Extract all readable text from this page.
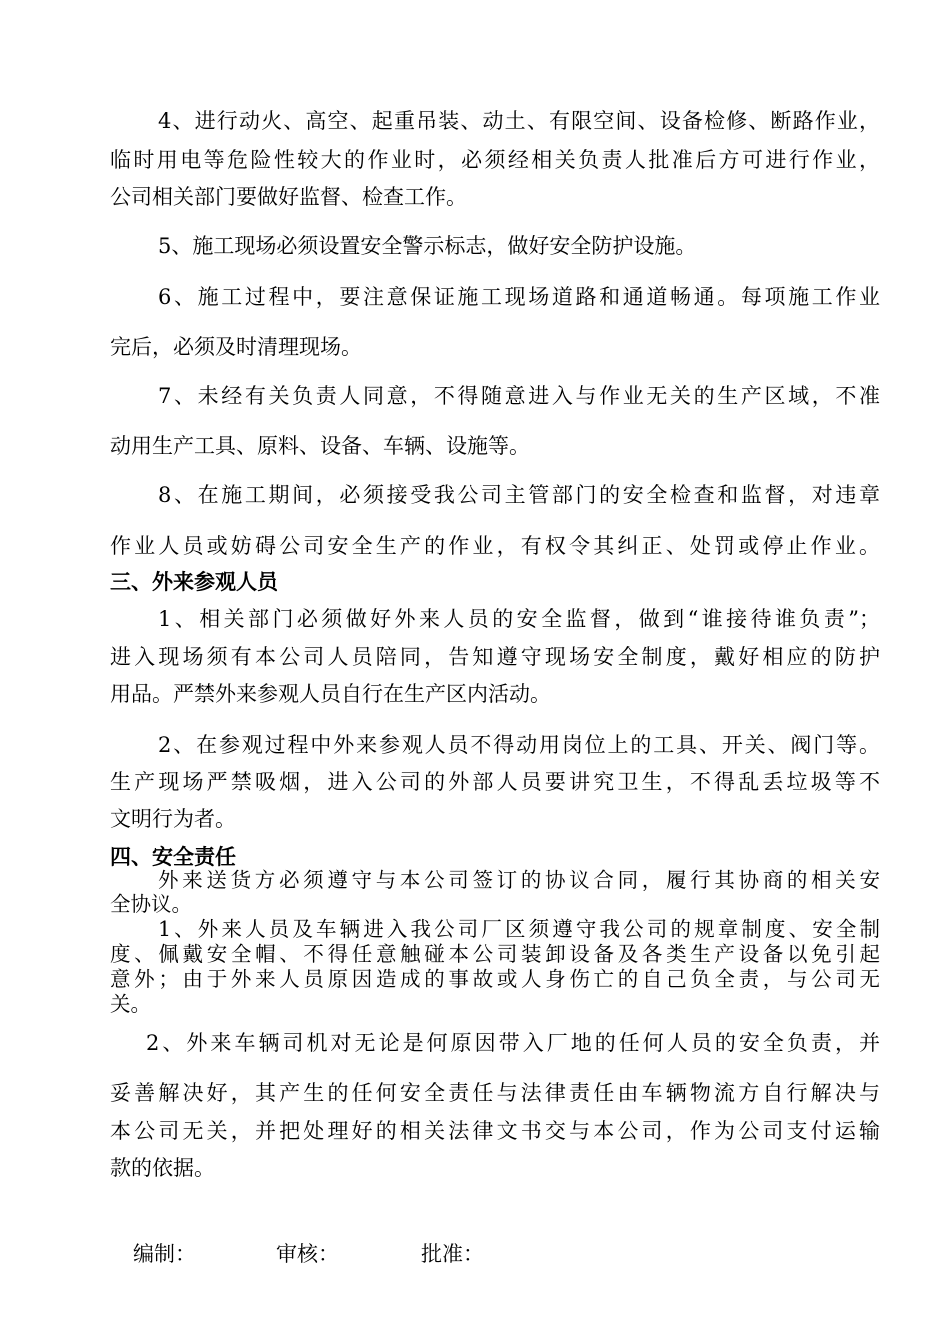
4、进行动火、高空、起重吊装、动土、有限空间、设备检修、断路作业，
临时用电等危险性较大的作业时，必须经相关负责人批准后方可进行作业，
公司相关部门要做好监督、检查工作。
5、施工现场必须设置安全警示标志，做好安全防护设施。
6、施工过程中，要注意保证施工现场道路和通道畅通。每项施工作业
完后，必须及时清理现场。
7、未经有关负责人同意，不得随意进入与作业无关的生产区域，不准
动用生产工具、原料、设备、车辆、设施等。
8、在施工期间，必须接受我公司主管部门的安全检查和监督，对违章
作业人员或妨碍公司安全生产的作业，有权令其纠正、处罚或停止作业。
三、外来参观人员
1、相关部门必须做好外来人员的安全监督，做到“谁接待谁负责”；
进入现场须有本公司人员陪同，告知遵守现场安全制度，戴好相应的防护
用品。严禁外来参观人员自行在生产区内活动。
2、在参观过程中外来参观人员不得动用岗位上的工具、开关、阀门等。
生产现场严禁吸烟，进入公司的外部人员要讲究卫生，不得乱丢垃圾等不
文明行为者。
四、安全责任
外来送货方必须遵守与本公司签订的协议合同，履行其协商的相关安
全协议。
1、外来人员及车辆进入我公司厂区须遵守我公司的规章制度、安全制
度、佩戴安全帽、不得任意触碰本公司装卸设备及各类生产设备以免引起
意外；由于外来人员原因造成的事故或人身伤亡的自己负全责，与公司无
关。
2、外来车辆司机对无论是何原因带入厂地的任何人员的安全负责，并
妥善解决好，其产生的任何安全责任与法律责任由车辆物流方自行解决与
本公司无关，并把处理好的相关法律文书交与本公司，作为公司支付运输
款的依据。
编制：	审核：	批准：
